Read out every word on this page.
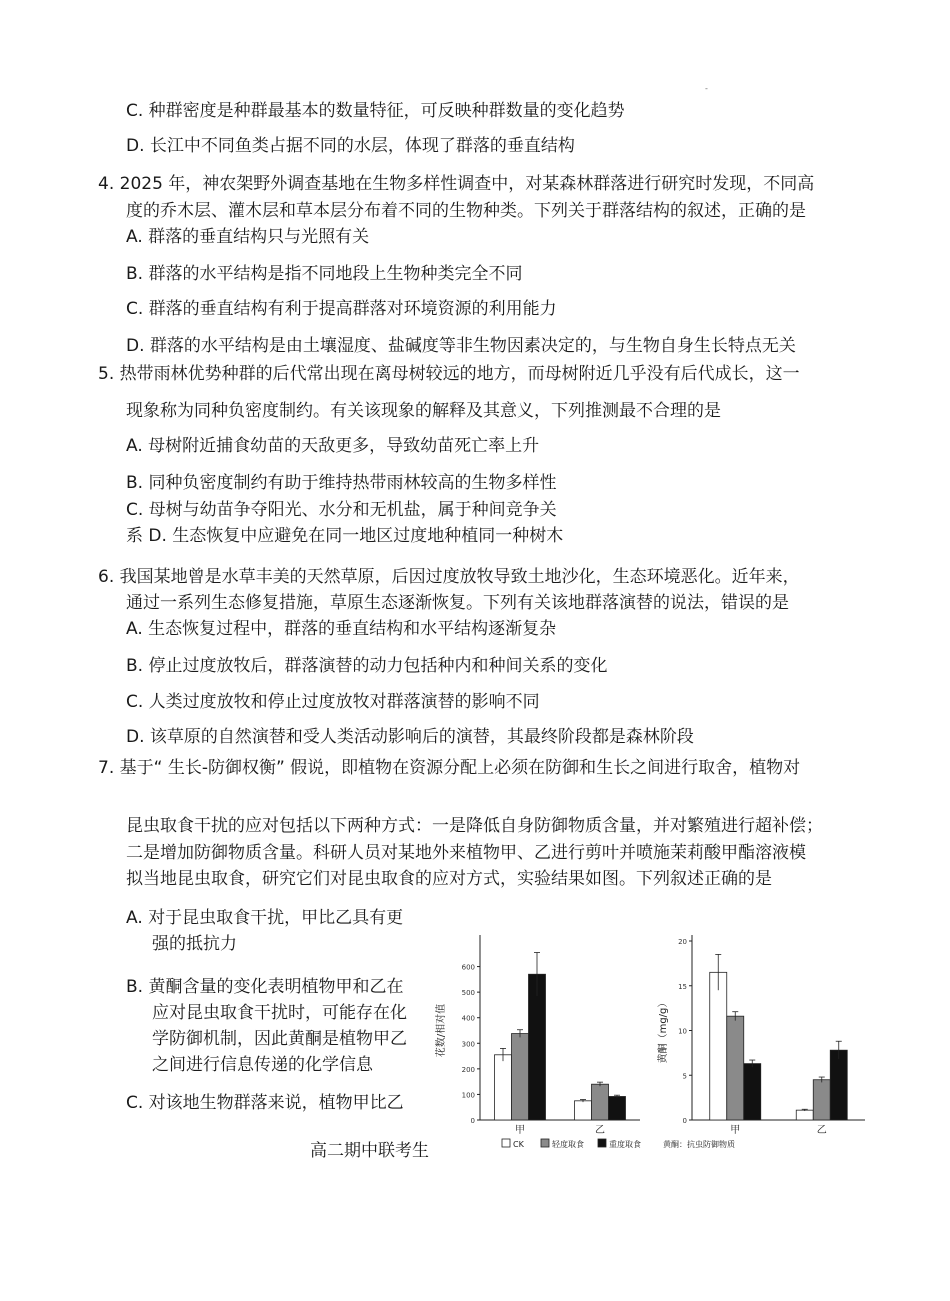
C. 种群密度是种群最基本的数量特征，可反映种群数量的变化趋势
D. 长江中不同鱼类占据不同的水层，体现了群落的垂直结构
4. 2025 年，神农架野外调查基地在生物多样性调查中，对某森林群落进行研究时发现，不同高
度的乔木层、灌木层和草本层分布着不同的生物种类。下列关于群落结构的叙述，正确的是
A. 群落的垂直结构只与光照有关
B. 群落的水平结构是指不同地段上生物种类完全不同
C. 群落的垂直结构有利于提高群落对环境资源的利用能力
D. 群落的水平结构是由土壤湿度、盐碱度等非生物因素决定的，与生物自身生长特点无关
5. 热带雨林优势种群的后代常出现在离母树较远的地方，而母树附近几乎没有后代成长，这一
现象称为同种负密度制约。有关该现象的解释及其意义，下列推测最不合理的是
A. 母树附近捕食幼苗的天敌更多，导致幼苗死亡率上升
B. 同种负密度制约有助于维持热带雨林较高的生物多样性
C. 母树与幼苗争夺阳光、水分和无机盐，属于种间竞争关
系 D. 生态恢复中应避免在同一地区过度地种植同一种树木
6. 我国某地曾是水草丰美的天然草原，后因过度放牧导致土地沙化，生态环境恶化。近年来，
通过一系列生态修复措施，草原生态逐渐恢复。下列有关该地群落演替的说法，错误的是
A. 生态恢复过程中，群落的垂直结构和水平结构逐渐复杂
B. 停止过度放牧后，群落演替的动力包括种内和种间关系的变化
C. 人类过度放牧和停止过度放牧对群落演替的影响不同
D. 该草原的自然演替和受人类活动影响后的演替，其最终阶段都是森林阶段
7. 基于“ 生长-防御权衡” 假说，即植物在资源分配上必须在防御和生长之间进行取舍，植物对
昆虫取食干扰的应对包括以下两种方式：一是降低自身防御物质含量，并对繁殖进行超补偿；
二是增加防御物质含量。科研人员对某地外来植物甲、乙进行剪叶并喷施茉莉酸甲酯溶液模
拟当地昆虫取食，研究它们对昆虫取食的应对方式，实验结果如图。下列叙述正确的是
A. 对于昆虫取食干扰，甲比乙具有更
强的抵抗力
B. 黄酮含量的变化表明植物甲和乙在
应对昆虫取食干扰时，可能存在化
学防御机制，因此黄酮是植物甲乙
之间进行信息传递的化学信息
C. 对该地生物群落来说，植物甲比乙
-
0
100
200
300
400
500
600
花数/相对值
甲	乙
0
5
10
15
20
黄酮（mg/g）
甲	乙
CK	轻度取食	重度取食	黄酮：抗虫防御物质
高二期中联考生
